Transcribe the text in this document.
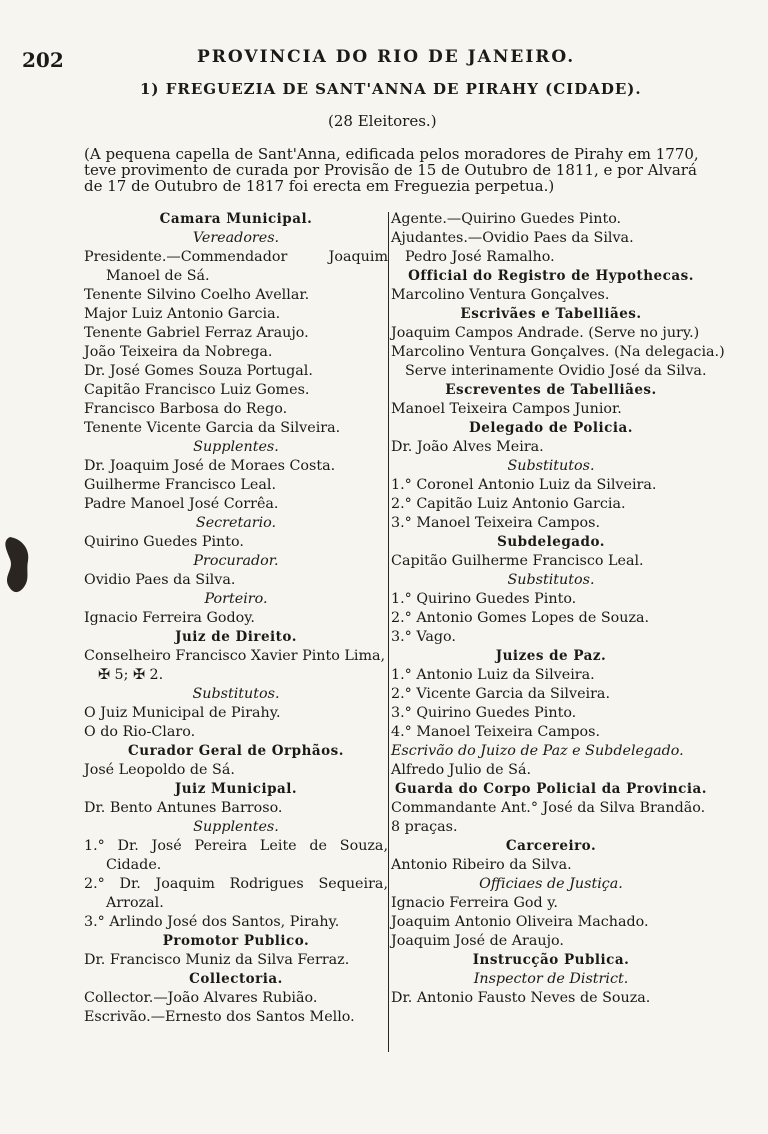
202	PROVINCIA DO RIO DE JANEIRO.
1) FREGUEZIA DE SANT'ANNA DE PIRAHY (CIDADE).
(28 Eleitores.)

(A pequena capella de Sant'Anna, edificada pelos moradores de Pirahy em 1770,

teve provimento de curada por Provisão de 15 de Outubro de 1811, e por Alvará

de 17 de Outubro de 1817 foi erecta em Freguezia perpetua.)

Camara Municipal.
Vereadores.
Presidente.—Commendador Joaquim Manoel de Sá.
Tenente Silvino Coelho Avellar.
Major Luiz Antonio Garcia.
Tenente Gabriel Ferraz Araujo.
João Teixeira da Nobrega.
Dr. José Gomes Souza Portugal.
Capitão Francisco Luiz Gomes.
Francisco Barbosa do Rego.
Tenente Vicente Garcia da Silveira.
Supplentes.
Dr. Joaquim José de Moraes Costa.
Guilherme Francisco Leal.
Padre Manoel José Corrêa.
Secretario.
Quirino Guedes Pinto.
Procurador.
Ovidio Paes da Silva.
Porteiro.
Ignacio Ferreira Godoy.
Juiz de Direito.
Conselheiro Francisco Xavier Pinto Lima,
✠ 5; ✠ 2.
Substitutos.
O Juiz Municipal de Pirahy.
O do Rio-Claro.
Curador Geral de Orphãos.
José Leopoldo de Sá.
Juiz Municipal.
Dr. Bento Antunes Barroso.
Supplentes.
1.° Dr. José Pereira Leite de Souza, Cidade.
2.° Dr. Joaquim Rodrigues Sequeira, Arrozal.
3.° Arlindo José dos Santos, Pirahy.
Promotor Publico.
Dr. Francisco Muniz da Silva Ferraz.
Collectoria.
Collector.—João Alvares Rubião.
Escrivão.—Ernesto dos Santos Mello.
Agente.—Quirino Guedes Pinto.
Ajudantes.—Ovidio Paes da Silva.
Pedro José Ramalho.
Official do Registro de Hypothecas.
Marcolino Ventura Gonçalves.
Escrivães e Tabelliães.
Joaquim Campos Andrade. (Serve no jury.)
Marcolino Ventura Gonçalves. (Na delegacia.)
Serve interinamente Ovidio José da Silva.
Escreventes de Tabelliães.
Manoel Teixeira Campos Junior.
Delegado de Policia.
Dr. João Alves Meira.
Substitutos.
1.° Coronel Antonio Luiz da Silveira.
2.° Capitão Luiz Antonio Garcia.
3.° Manoel Teixeira Campos.
Subdelegado.
Capitão Guilherme Francisco Leal.
Substitutos.
1.° Quirino Guedes Pinto.
2.° Antonio Gomes Lopes de Souza.
3.° Vago.
Juizes de Paz.
1.° Antonio Luiz da Silveira.
2.° Vicente Garcia da Silveira.
3.° Quirino Guedes Pinto.
4.° Manoel Teixeira Campos.
Escrivão do Juizo de Paz e Subdelegado.
Alfredo Julio de Sá.
Guarda do Corpo Policial da Provincia.
Commandante Ant.° José da Silva Brandão.
8 praças.
Carcereiro.
Antonio Ribeiro da Silva.
Officiaes de Justiça.
Ignacio Ferreira God y.
Joaquim Antonio Oliveira Machado.
Joaquim José de Araujo.
Instrucção Publica.
Inspector de District.
Dr. Antonio Fausto Neves de Souza.
